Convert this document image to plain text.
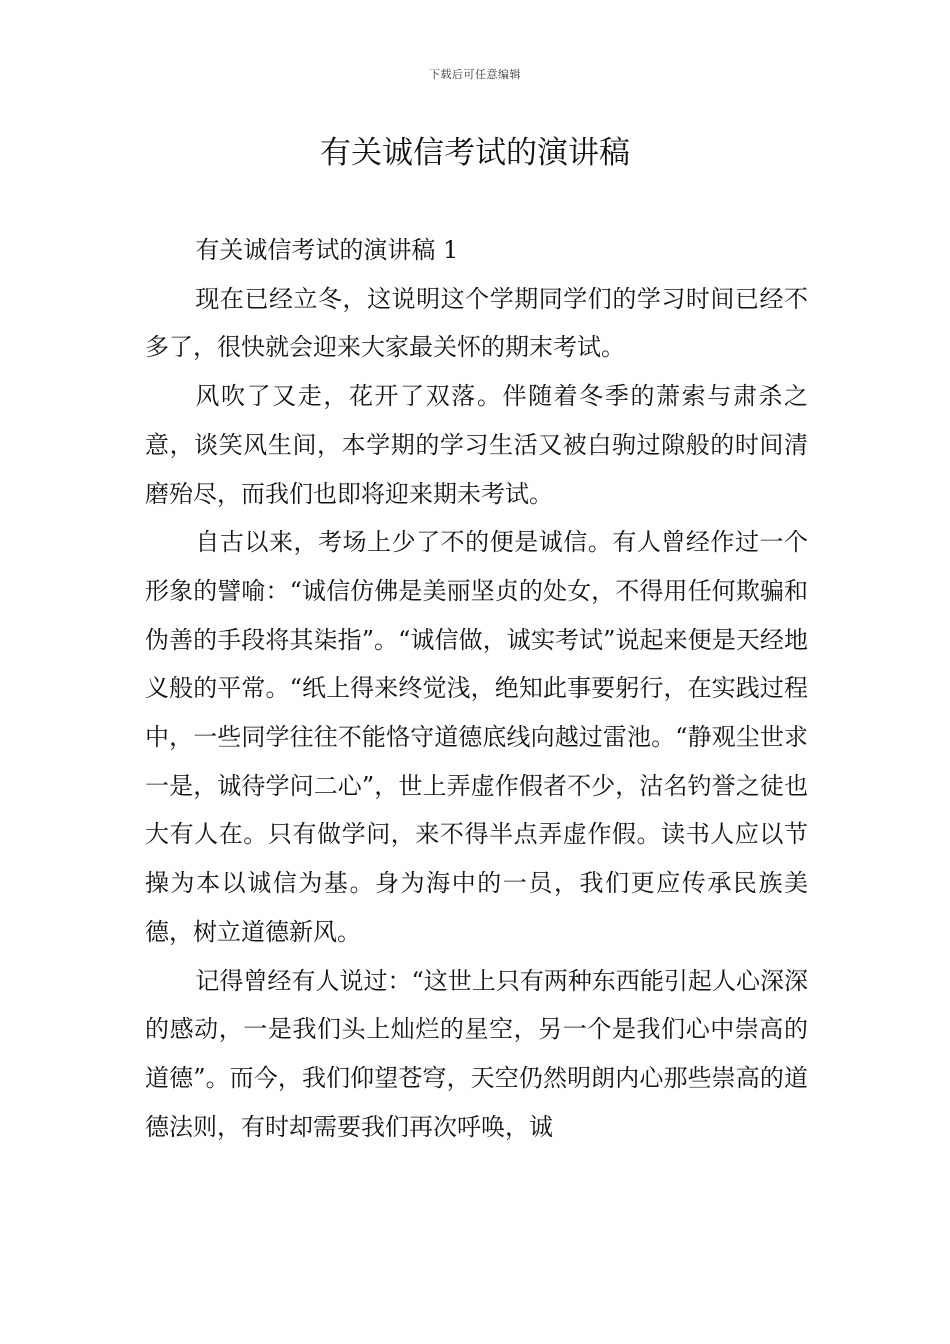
下载后可任意编辑
有关诚信考试的演讲稿

有关诚信考试的演讲稿 1

现在已经立冬，这说明这个学期同学们的学习时间已经不多了，很快就会迎来大家最关怀的期末考试。

风吹了又走，花开了双落。伴随着冬季的萧索与肃杀之意，谈笑风生间，本学期的学习生活又被白驹过隙般的时间清磨殆尽，而我们也即将迎来期未考试。

自古以来，考场上少了不的便是诚信。有人曾经作过一个形象的譬喻：“诚信仿佛是美丽坚贞的处女，不得用任何欺骗和伪善的手段将其柒指”。“诚信做，诚实考试”说起来便是天经地义般的平常。“纸上得来终觉浅，绝知此事要躬行，在实践过程中，一些同学往往不能恪守道德底线向越过雷池。“静观尘世求一是，诚待学问二心”，世上弄虚作假者不少，沽名钓誉之徒也大有人在。只有做学问，来不得半点弄虚作假。读书人应以节操为本以诚信为基。身为海中的一员，我们更应传承民族美德，树立道德新风。

记得曾经有人说过：“这世上只有两种东西能引起人心深深的感动，一是我们头上灿烂的星空，另一个是我们心中崇高的道德”。而今，我们仰望苍穹，天空仍然明朗内心那些崇高的道德法则，有时却需要我们再次呼唤，诚
